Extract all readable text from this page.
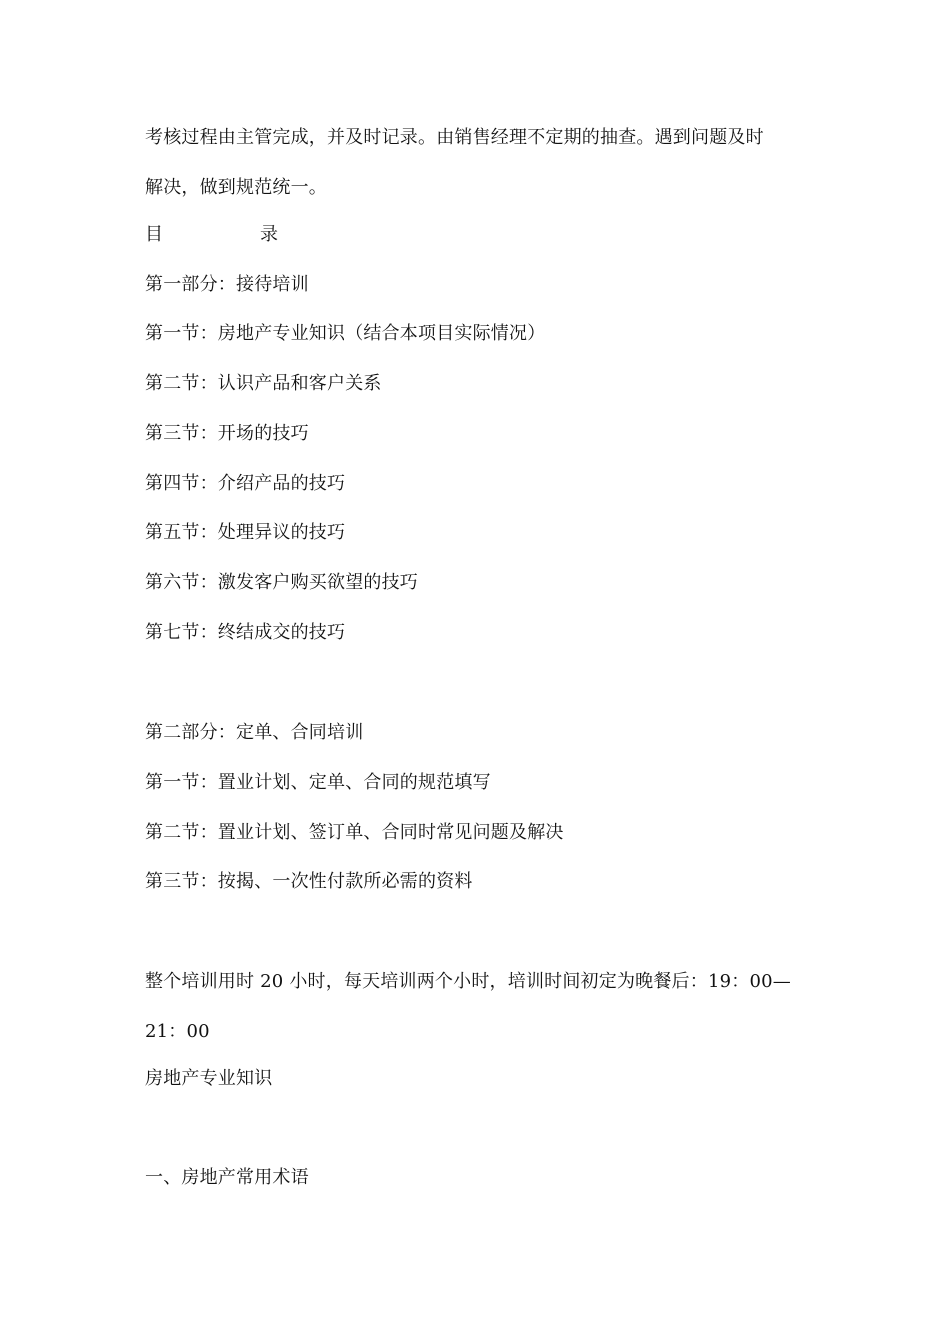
考核过程由主管完成，并及时记录。由销售经理不定期的抽查。遇到问题及时
解决，做到规范统一。
目	录
第一部分：接待培训
第一节：房地产专业知识（结合本项目实际情况）
第二节：认识产品和客户关系
第三节：开场的技巧
第四节：介绍产品的技巧
第五节：处理异议的技巧
第六节：激发客户购买欲望的技巧
第七节：终结成交的技巧
第二部分：定单、合同培训
第一节：置业计划、定单、合同的规范填写
第二节：置业计划、签订单、合同时常见问题及解决
第三节：按揭、一次性付款所必需的资料
整个培训用时 20 小时，每天培训两个小时，培训时间初定为晚餐后：19：00—
21：00
房地产专业知识
一、房地产常用术语
